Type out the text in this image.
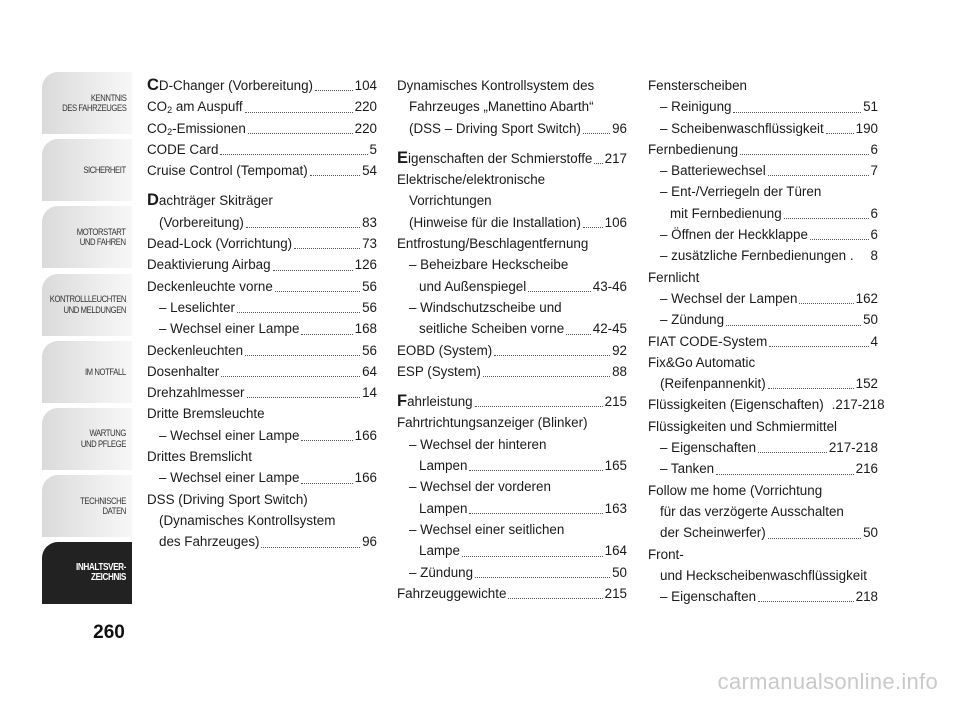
KENNTNIS
DES FAHRZEUGES
SICHERHEIT
MOTORSTART
UND FAHREN
KONTROLLLEUCHTEN
UND MELDUNGEN
IM NOTFALL
WARTUNG
UND PFLEGE
TECHNISCHE
DATEN
INHALTSVER-
ZEICHNIS
260
CD-Changer (Vorbereitung)	104
$CO_2$ am Auspuff	220
$CO_2$-Emissionen	220
CODE Card	5
Cruise Control (Tempomat)	54
Dachträger Skiträger
(Vorbereitung)	83
Dead-Lock (Vorrichtung)	73
Deaktivierung Airbag	126
Deckenleuchte vorne	56
– Leselichter	56
– Wechsel einer Lampe	168
Deckenleuchten	56
Dosenhalter	64
Drehzahlmesser	14
Dritte Bremsleuchte
– Wechsel einer Lampe	166
Drittes Bremslicht
– Wechsel einer Lampe	166
DSS (Driving Sport Switch)
(Dynamisches Kontrollsystem
des Fahrzeuges)	96
Dynamisches Kontrollsystem des
Fahrzeuges „Manettino Abarth“
(DSS – Driving Sport Switch) 96
Eigenschaften der Schmierstoffe 217
Elektrische/elektronische
Vorrichtungen
(Hinweise für die Installation) 106
Entfrostung/Beschlagentfernung
– Beheizbare Heckscheibe
und Außenspiegel	43-46
– Windschutzscheibe und
seitliche Scheiben vorne 42-45
EOBD (System)	92
ESP (System)	88
Fahrleistung	215
Fahrtrichtungsanzeiger (Blinker)
– Wechsel der hinteren
Lampen	165
– Wechsel der vorderen
Lampen	163
– Wechsel einer seitlichen
Lampe	164
– Zündung	50
Fahrzeuggewichte	215
Fensterscheiben
– Reinigung	51
– Scheibenwaschflüssigkeit 190
Fernbedienung	6
– Batteriewechsel	7
– Ent-/Verriegeln der Türen
mit Fernbedienung	6
– Öffnen der Heckklappe	6
– zusätzliche Fernbedienungen . 8
Fernlicht
– Wechsel der Lampen	162
– Zündung	50
FIAT CODE-System	4
Fix&Go Automatic
(Reifenpannenkit)	152
Flüssigkeiten (Eigenschaften) .217-218
Flüssigkeiten und Schmiermittel
– Eigenschaften	217-218
– Tanken	216
Follow me home (Vorrichtung
für das verzögerte Ausschalten
der Scheinwerfer)	50
Front-
und Heckscheibenwaschflüssigkeit
– Eigenschaften	218
carmanualsonline.info
